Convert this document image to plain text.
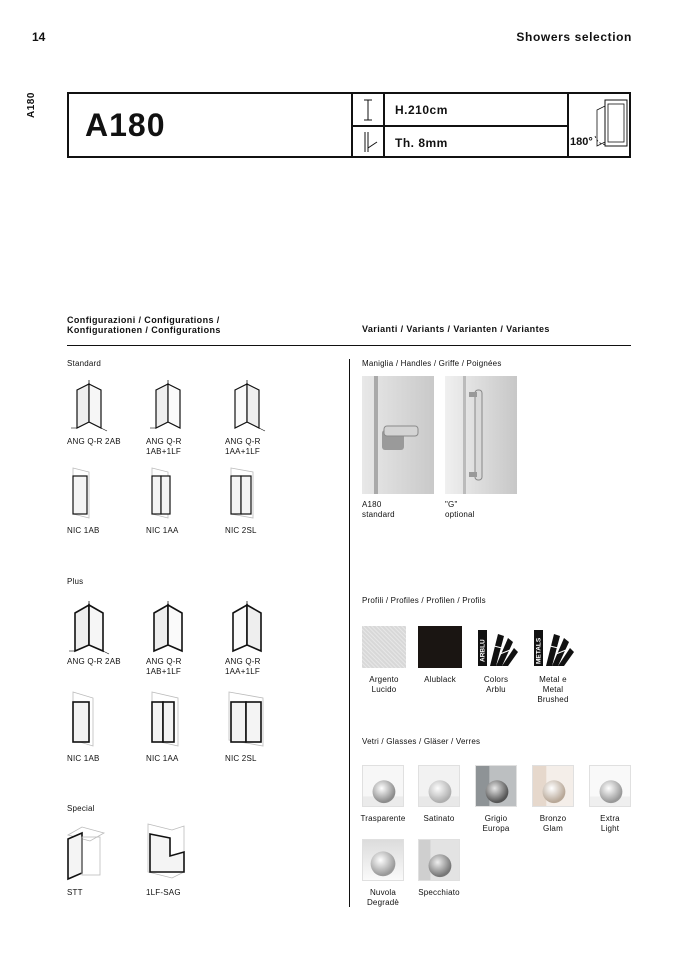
14	Showers selection
A180
A180	H.210cm
Th. 8mm	180°
Configurazioni / Configurations /
Konfigurationen / Configurations	Varianti / Variants / Varianten / Variantes
Standard
ANG Q-R 2AB	ANG Q-R
1AB+1LF
ANG Q-R
1AA+1LF
NIC 1AB	NIC 1AA	NIC 2SL
Plus
ANG Q-R 2AB	ANG Q-R
1AB+1LF
ANG Q-R
1AA+1LF
NIC 1AB	NIC 1AA	NIC 2SL
Special
STT	1LF-SAG
Maniglia / Handles / Griffe / Poignées
A180
standard
"G"
optional
Profili / Profiles / Profilen / Profils
ARBLU	METALS
Argento
Lucido
Alublack	Colors
Arblu
Metal e
Metal
Brushed
Vetri / Glasses / Gläser / Verres
Trasparente	Satinato	Grigio
Europa
Bronzo
Glam
Extra
Light
Nuvola
Degradè
Specchiato
